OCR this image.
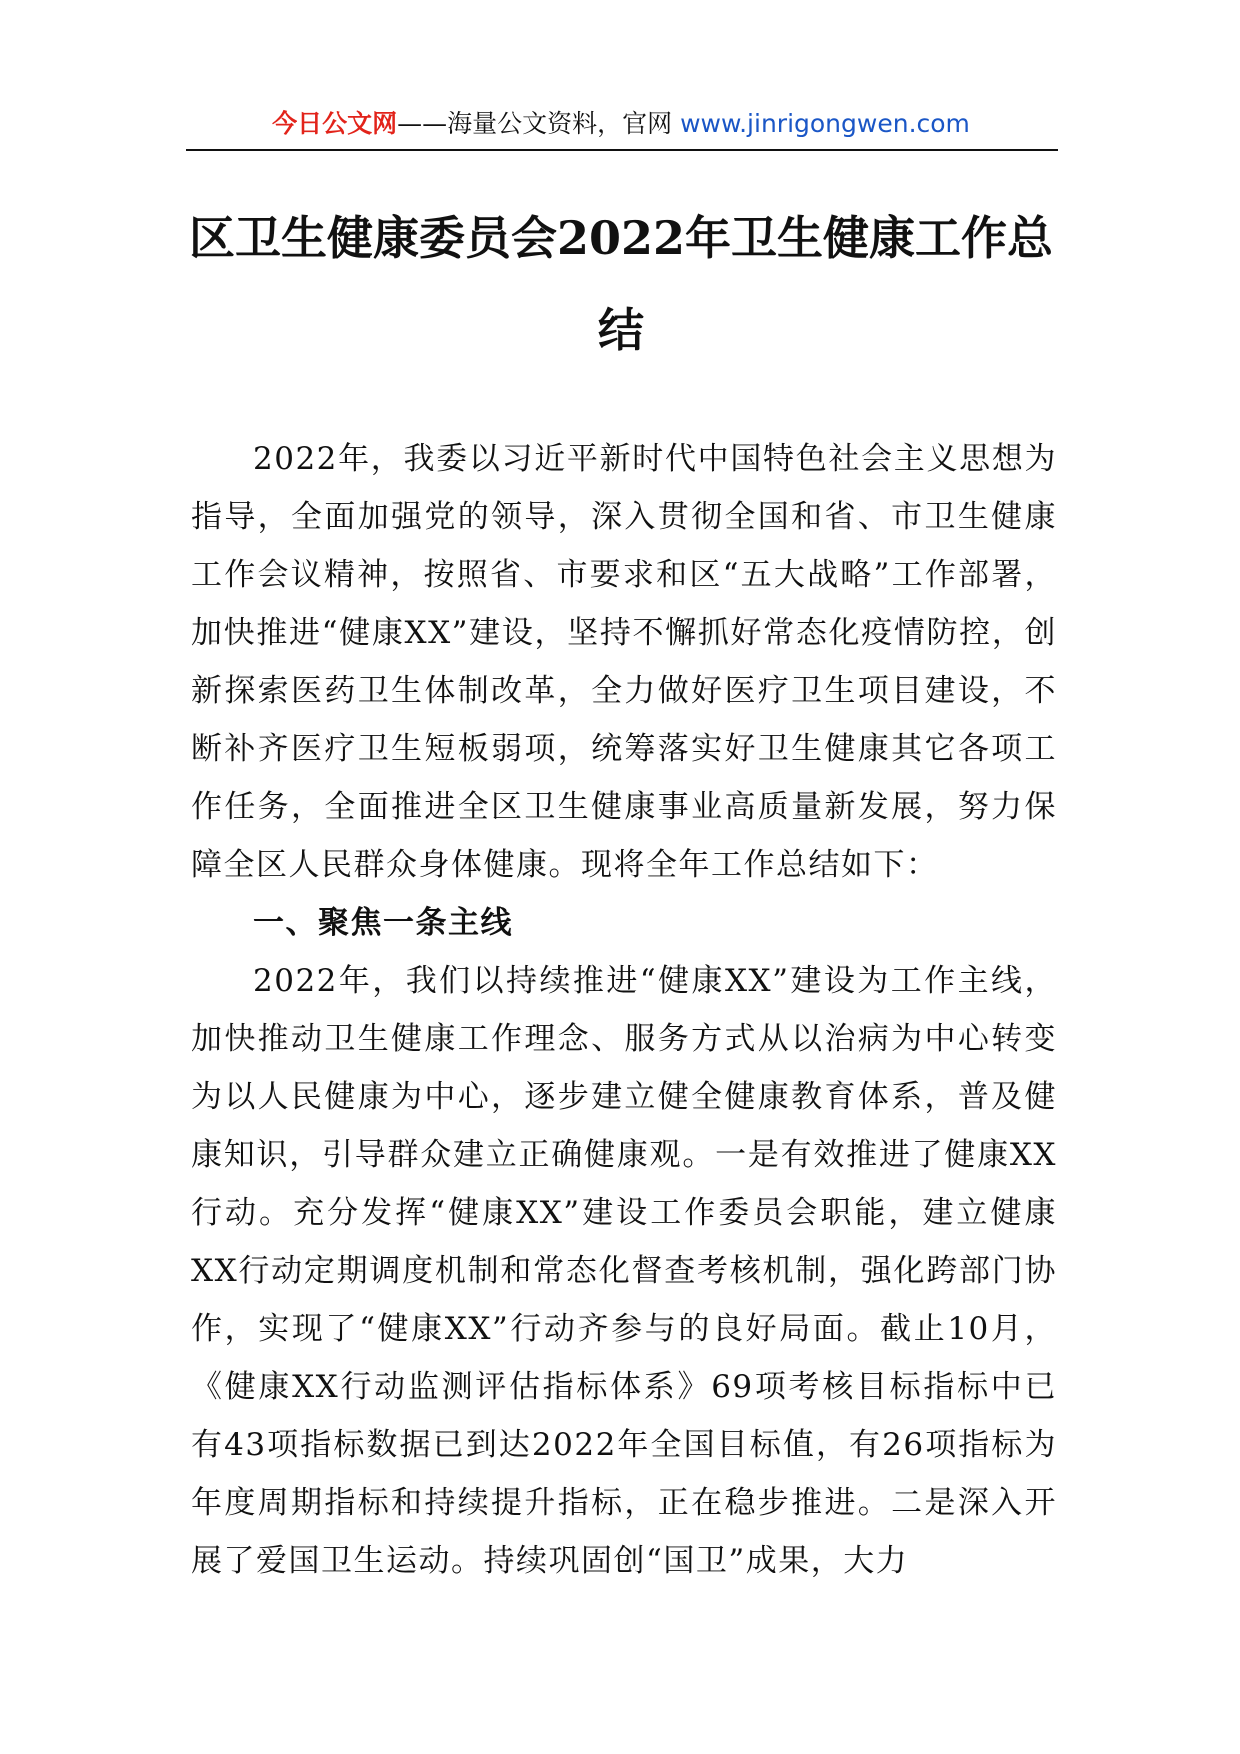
今日公文网——海量公文资料，官网 www.jinrigongwen.com
区卫生健康委员会2022年卫生健康工作总结

2022年，我委以习近平新时代中国特色社会主义思想为指导，全面加强党的领导，深入贯彻全国和省、市卫生健康工作会议精神，按照省、市要求和区“五大战略”工作部署，加快推进“健康XX”建设，坚持不懈抓好常态化疫情防控，创新探索医药卫生体制改革，全力做好医疗卫生项目建设，不断补齐医疗卫生短板弱项，统筹落实好卫生健康其它各项工作任务，全面推进全区卫生健康事业高质量新发展，努力保障全区人民群众身体健康。现将全年工作总结如下：

一、聚焦一条主线

2022年，我们以持续推进“健康XX”建设为工作主线，加快推动卫生健康工作理念、服务方式从以治病为中心转变为以人民健康为中心，逐步建立健全健康教育体系，普及健康知识，引导群众建立正确健康观。一是有效推进了健康XX行动。充分发挥“健康XX”建设工作委员会职能，建立健康XX行动定期调度机制和常态化督查考核机制，强化跨部门协作，实现了“健康XX”行动齐参与的良好局面。截止10月，《健康XX行动监测评估指标体系》69项考核目标指标中已有43项指标数据已到达2022年全国目标值，有26项指标为年度周期指标和持续提升指标，正在稳步推进。二是深入开展了爱国卫生运动。持续巩固创“国卫”成果，大力
